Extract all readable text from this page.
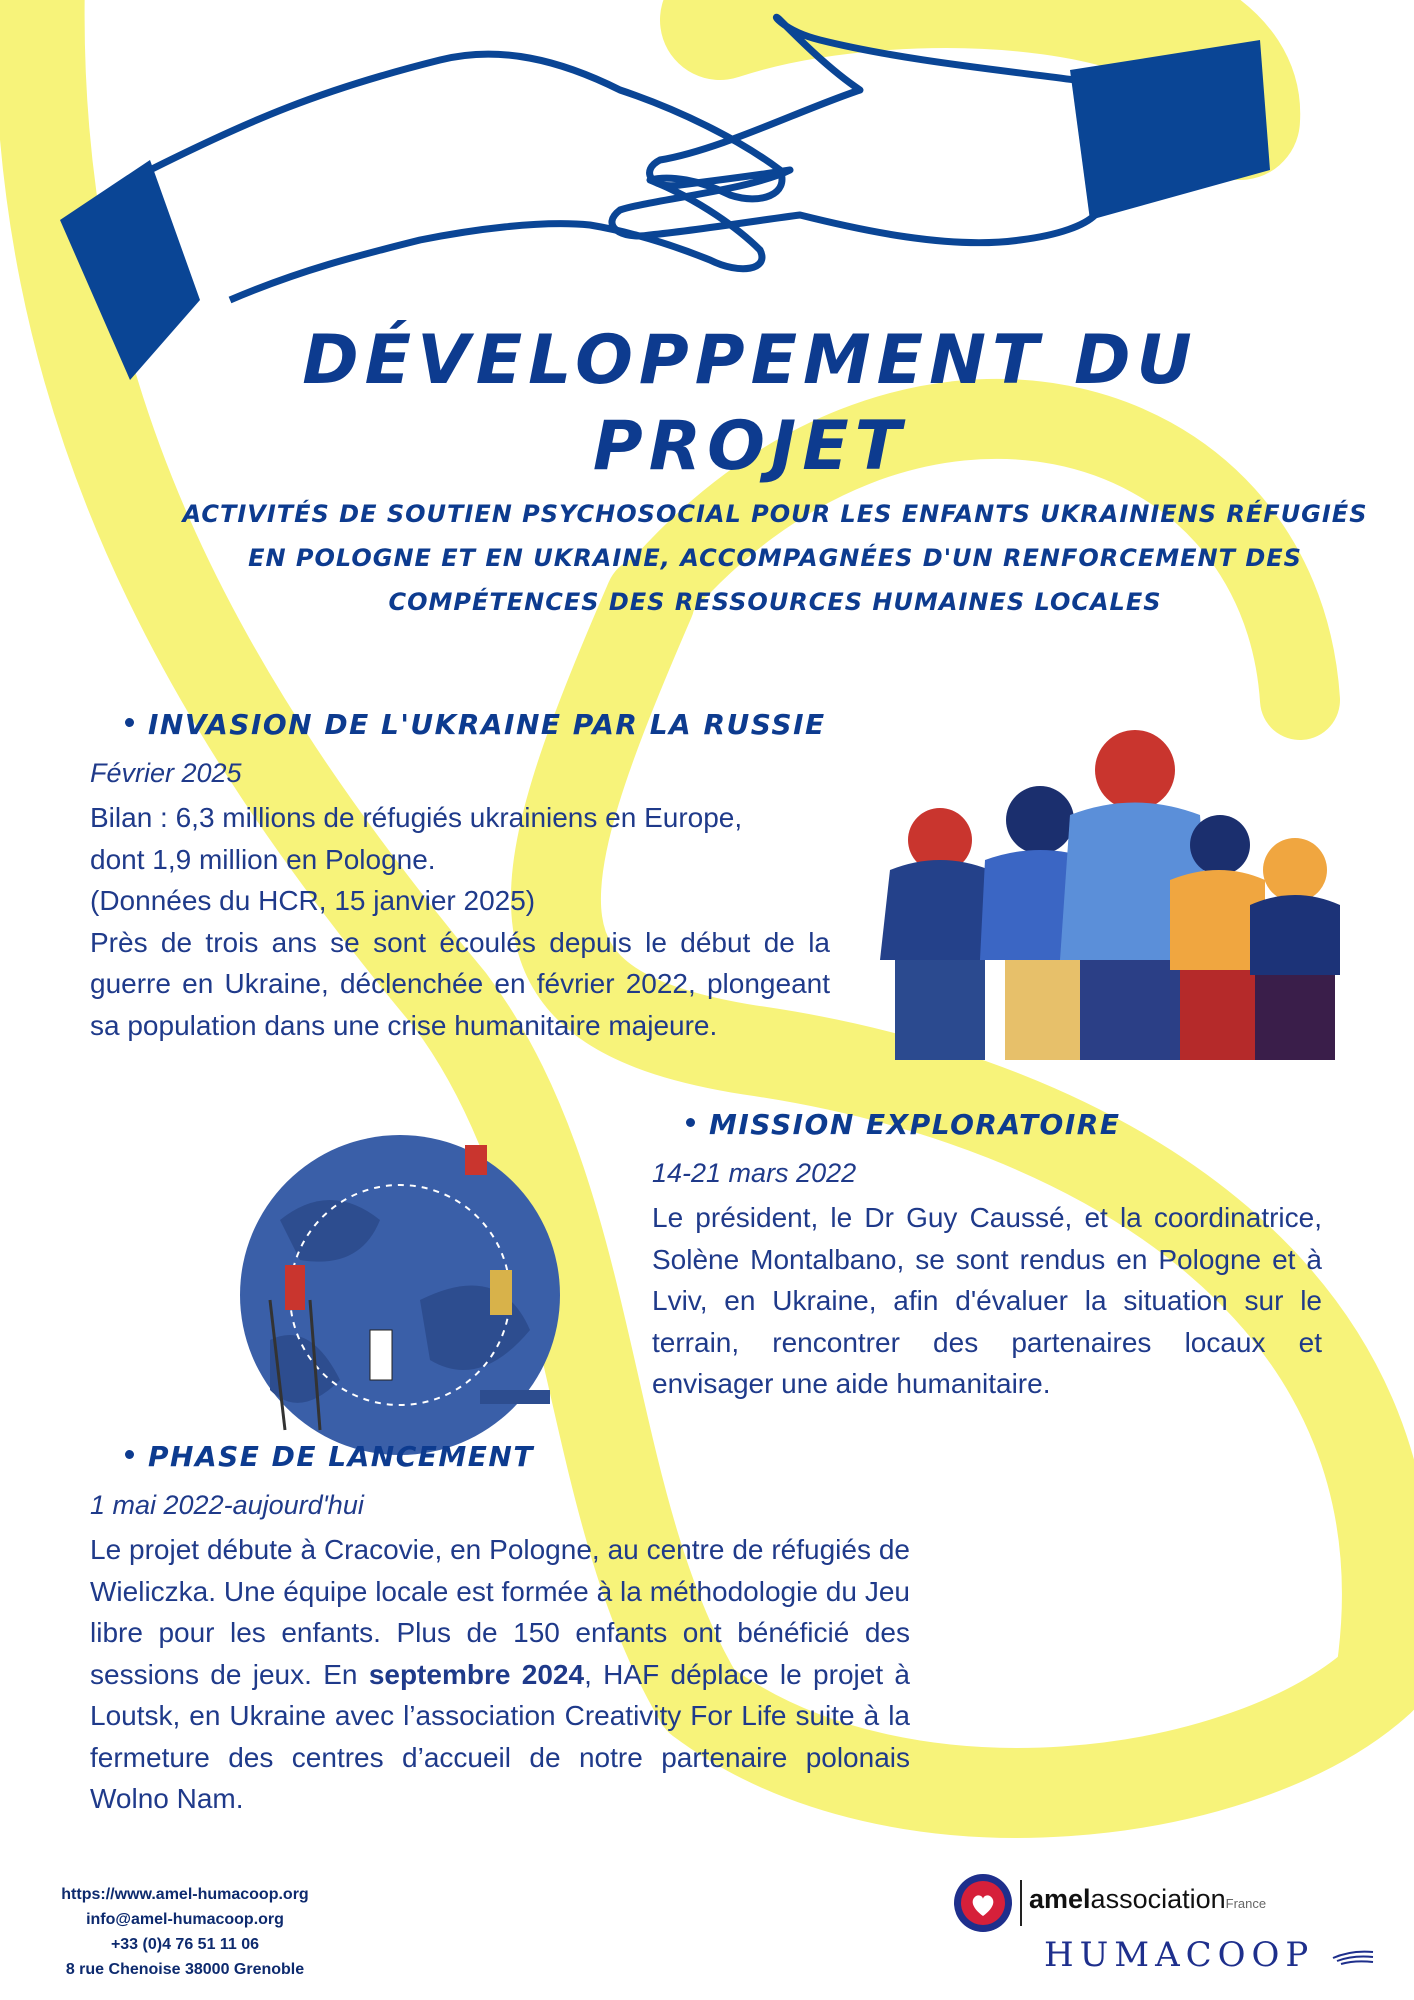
DÉVELOPPEMENT DU
PROJET
ACTIVITÉS DE SOUTIEN PSYCHOSOCIAL POUR LES ENFANTS UKRAINIENS RÉFUGIÉS
EN POLOGNE ET EN UKRAINE, ACCOMPAGNÉES D'UN RENFORCEMENT DES
COMPÉTENCES DES RESSOURCES HUMAINES LOCALES
INVASION DE L'UKRAINE PAR LA RUSSIE
Février 2025
Bilan : 6,3 millions de réfugiés ukrainiens en Europe,
dont 1,9 million en Pologne.
(Données du HCR, 15 janvier 2025)
Près de trois ans se sont écoulés depuis le début de la guerre en Ukraine, déclenchée en février 2022, plongeant sa population dans une crise humanitaire majeure.
MISSION EXPLORATOIRE
14-21 mars 2022
Le président, le Dr Guy Caussé, et la coordinatrice, Solène Montalbano, se sont rendus en Pologne et à Lviv, en Ukraine, afin d'évaluer la situation sur le terrain, rencontrer des partenaires locaux et envisager une aide humanitaire.
PHASE DE LANCEMENT
1 mai 2022-aujourd'hui
Le projet débute à Cracovie, en Pologne, au centre de réfugiés de Wieliczka. Une équipe locale est formée à la méthodologie du Jeu libre pour les enfants. Plus de 150 enfants ont bénéficié des sessions de jeux. En septembre 2024, HAF déplace le projet à Loutsk, en Ukraine avec l’association Creativity For Life suite à la fermeture des centres d’accueil de notre partenaire polonais Wolno Nam.
https://www.amel-humacoop.org
info@amel-humacoop.org
+33 (0)4 76 51 11 06
8 rue Chenoise 38000 Grenoble
amelassociationFrance
HUMACOOP
